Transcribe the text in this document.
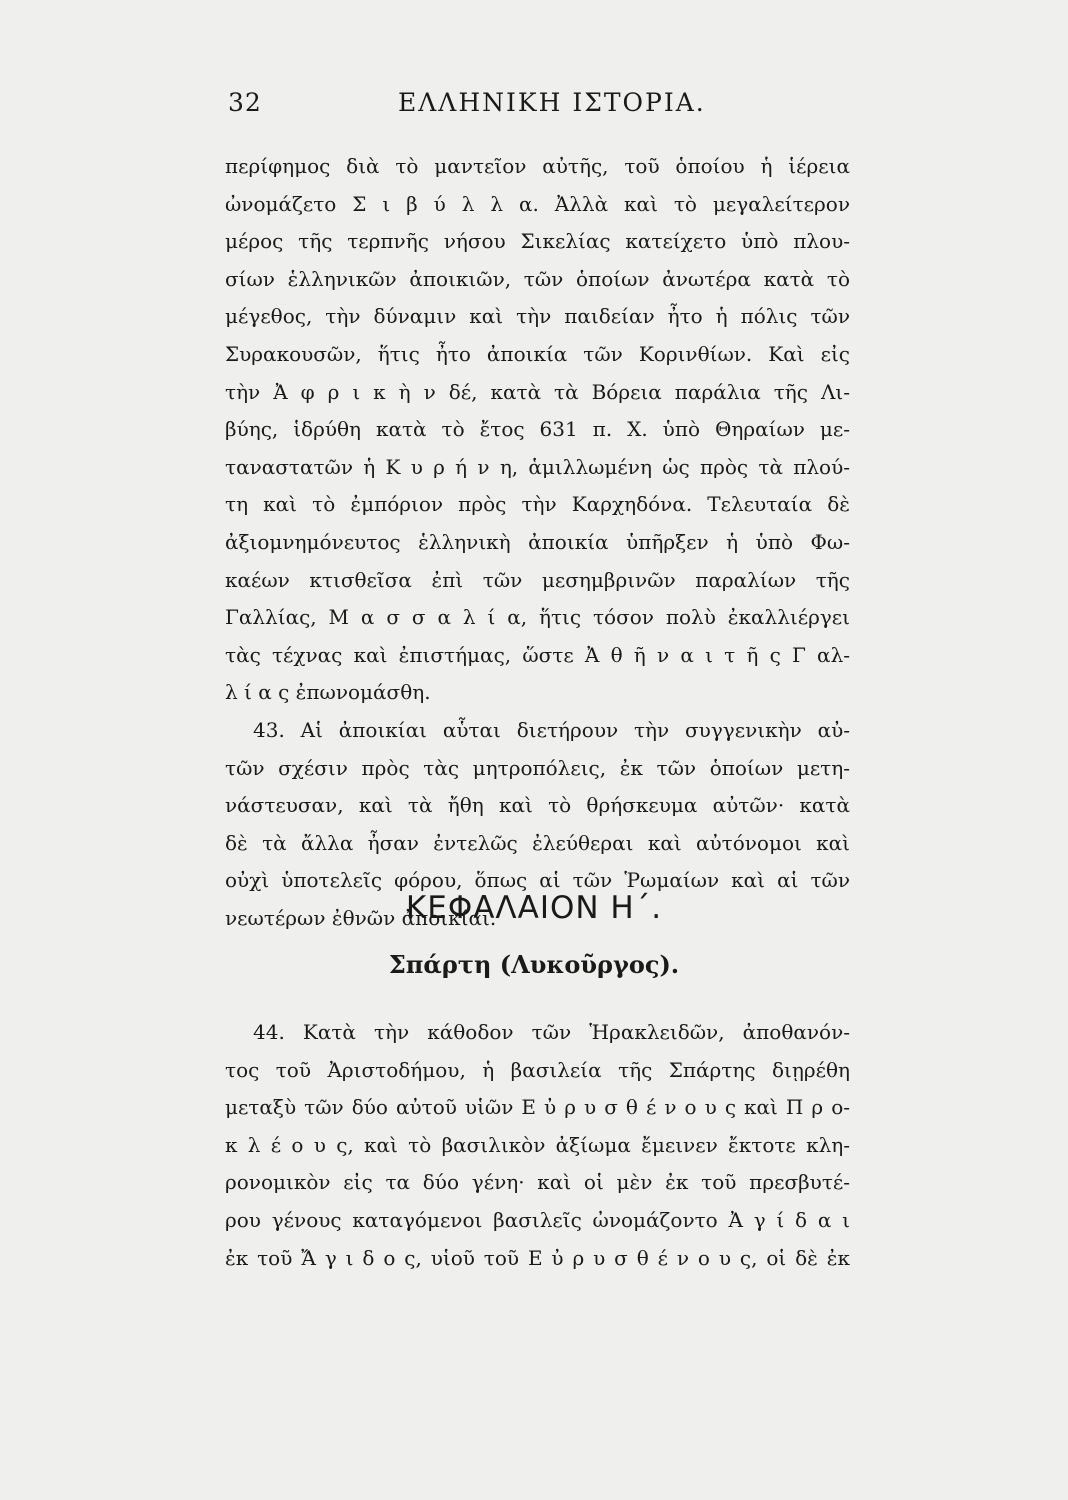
32	ΕΛΛΗΝΙΚΗ ΙΣΤΟΡΙΑ.
περίφημος διὰ τὸ μαντεῖον αὐτῆς, τοῦ ὁποίου ἡ ἱέρεια
ὠνομάζετο Σ ι β ύ λ λ α. Ἀλλὰ καὶ τὸ μεγαλείτερον
μέρος τῆς τερπνῆς νήσου Σικελίας κατείχετο ὑπὸ πλου-
σίων ἑλληνικῶν ἀποικιῶν, τῶν ὁποίων ἀνωτέρα κατὰ τὸ
μέγεθος, τὴν δύναμιν καὶ τὴν παιδείαν ἦτο ἡ πόλις τῶν
Συρακουσῶν, ἥτις ἦτο ἀποικία τῶν Κορινθίων. Καὶ εἰς
τὴν Ἀ φ ρ ι κ ὴ ν δέ, κατὰ τὰ Βόρεια παράλια τῆς Λι-
βύης, ἱδρύθη κατὰ τὸ ἔτος 631 π. Χ. ὑπὸ Θηραίων με-
ταναστατῶν ἡ Κ υ ρ ή ν η, ἁμιλλωμένη ὡς πρὸς τὰ πλού-
τη καὶ τὸ ἐμπόριον πρὸς τὴν Καρχηδόνα. Τελευταία δὲ
ἀξιομνημόνευτος ἑλληνικὴ ἀποικία ὑπῆρξεν ἡ ὑπὸ Φω-
καέων κτισθεῖσα ἐπὶ τῶν μεσημβρινῶν παραλίων τῆς
Γαλλίας, Μ α σ σ α λ ί α, ἥτις τόσον πολὺ ἐκαλλιέργει
τὰς τέχνας καὶ ἐπιστήμας, ὥστε Ἀ θ ῆ ν α ι τ ῆ ς Γ αλ-
λ ί α ς ἐπωνομάσθη.
43. Αἱ ἀποικίαι αὗται διετήρουν τὴν συγγενικὴν αὐ-
τῶν σχέσιν πρὸς τὰς μητροπόλεις, ἐκ τῶν ὁποίων μετη-
νάστευσαν, καὶ τὰ ἤθη καὶ τὸ θρήσκευμα αὐτῶν· κατὰ
δὲ τὰ ἄλλα ἦσαν ἐντελῶς ἐλεύθεραι καὶ αὐτόνομοι καὶ
οὐχὶ ὑποτελεῖς φόρου, ὅπως αἱ τῶν Ῥωμαίων καὶ αἱ τῶν
νεωτέρων ἐθνῶν ἀποικίαι.
ΚΕΦΑΛΑΙΟΝ Η΄.
Σπάρτη (Λυκοῦργος).
44. Κατὰ τὴν κάθοδον τῶν Ἡρακλειδῶν, ἀποθανόν-
τος τοῦ Ἀριστοδήμου, ἡ βασιλεία τῆς Σπάρτης διῃρέθη
μεταξὺ τῶν δύο αὐτοῦ υἱῶν Ε ὐ ρ υ σ θ έ ν ο υ ς καὶ Π ρ ο-
κ λ έ ο υ ς, καὶ τὸ βασιλικὸν ἀξίωμα ἔμεινεν ἔκτοτε κλη-
ρονομικὸν εἰς τα δύο γένη· καὶ οἱ μὲν ἐκ τοῦ πρεσβυτέ-
ρου γένους καταγόμενοι βασιλεῖς ὠνομάζοντο Ἀ γ ί δ α ι
ἐκ τοῦ Ἄ γ ι δ ο ς, υἱοῦ τοῦ Ε ὐ ρ υ σ θ έ ν ο υ ς, οἱ δὲ ἐκ
